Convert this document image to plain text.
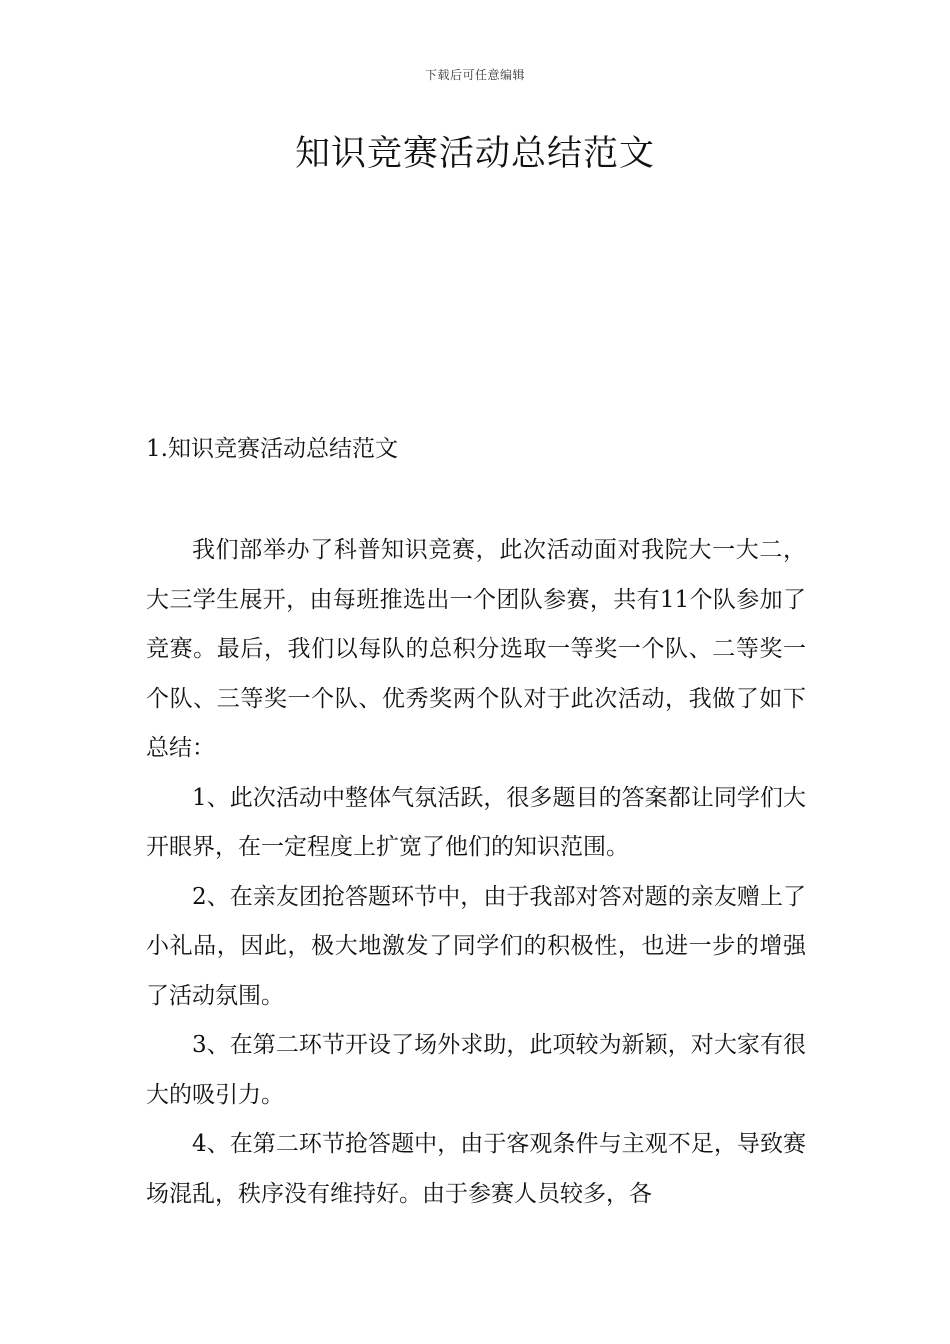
下载后可任意编辑
知识竞赛活动总结范文
1.知识竞赛活动总结范文

我们部举办了科普知识竞赛，此次活动面对我院大一大二，大三学生展开，由每班推选出一个团队参赛，共有11个队参加了竞赛。最后，我们以每队的总积分选取一等奖一个队、二等奖一个队、三等奖一个队、优秀奖两个队对于此次活动，我做了如下总结：

1、此次活动中整体气氛活跃，很多题目的答案都让同学们大开眼界，在一定程度上扩宽了他们的知识范围。

2、在亲友团抢答题环节中，由于我部对答对题的亲友赠上了小礼品，因此，极大地激发了同学们的积极性，也进一步的增强了活动氛围。

3、在第二环节开设了场外求助，此项较为新颖，对大家有很大的吸引力。

4、在第二环节抢答题中，由于客观条件与主观不足，导致赛场混乱，秩序没有维持好。由于参赛人员较多，各
